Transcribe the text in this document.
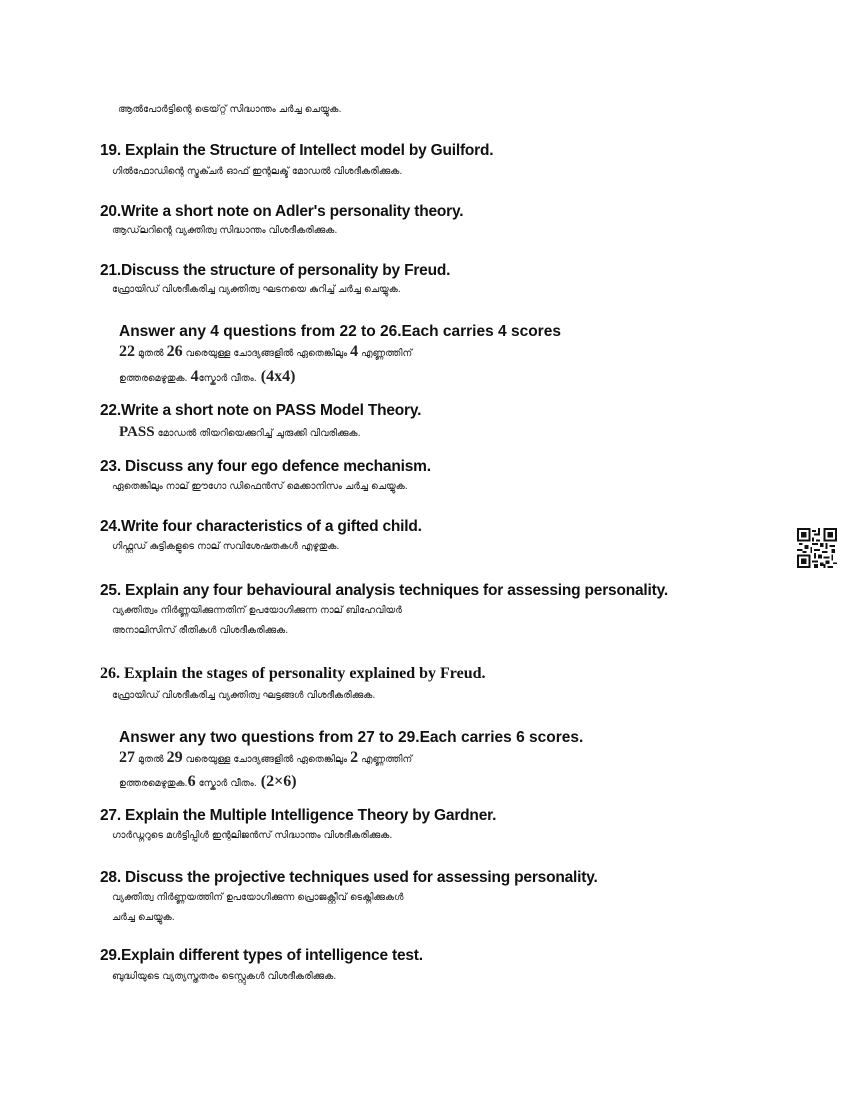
ആൽപോർട്ടിന്റെ ട്രെയ്റ്റ് സിദ്ധാന്തം ചർച്ച ചെയ്യുക.
19. Explain the Structure of Intellect model by Guilford.
ഗിൽഫോഡിന്റെ സ്ട്രക്ചർ ഓഫ് ഇന്റലക്ട് മോഡൽ വിശദീകരിക്കുക.
20.Write a short note on Adler's personality theory.
ആഡ്‌ലറിന്റെ വ്യക്തിത്വ സിദ്ധാന്തം വിശദീകരിക്കുക.
21.Discuss the structure of personality by Freud.
ഫ്രോയിഡ് വിശദീകരിച്ച വ്യക്തിത്വ ഘടനയെ കുറിച്ച് ചർച്ച ചെയ്യുക.
Answer any 4 questions from 22 to 26.Each carries 4 scores
22 മുതൽ 26 വരെയുള്ള ചോദ്യങ്ങളിൽ ഏതെങ്കിലും 4 എണ്ണത്തിന്
ഉത്തരമെഴുതുക. 4സ്കോർ വീതം. (4x4)
22.Write a short note on PASS Model Theory.
PASS മോഡൽ തിയറിയെക്കുറിച്ച് ചുരുക്കി വിവരിക്കുക.
23. Discuss any four ego defence mechanism.
ഏതെങ്കിലും നാല് ഈഗോ ഡിഫെൻസ് മെക്കാനിസം ചർച്ച ചെയ്യുക.
24.Write four characteristics of a gifted child.
ഗിഫ്റ്റഡ് കുട്ടികളുടെ നാല് സവിശേഷതകൾ എഴുതുക.
25. Explain any four behavioural analysis techniques for assessing personality.
വ്യക്തിത്വം നിർണ്ണയിക്കുന്നതിന് ഉപയോഗിക്കുന്ന നാല് ബിഹേവിയർ
അനാലിസിസ് രീതികൾ വിശദീകരിക്കുക.
26. Explain the stages of personality explained by Freud.
ഫ്രോയിഡ് വിശദീകരിച്ച വ്യക്തിത്വ ഘട്ടങ്ങൾ വിശദീകരിക്കുക.
Answer any two questions from 27 to 29.Each carries 6 scores.
27 മുതൽ 29 വരെയുള്ള ചോദ്യങ്ങളിൽ ഏതെങ്കിലും 2 എണ്ണത്തിന്
ഉത്തരമെഴുതുക.6 സ്കോർ വീതം. (2×6)
27. Explain the Multiple Intelligence Theory by Gardner.
ഗാർഡ്നറുടെ മൾട്ടിപ്പിൾ ഇന്റലിജൻസ് സിദ്ധാന്തം വിശദീകരിക്കുക.
28. Discuss the projective techniques used for assessing personality.
വ്യക്തിത്വ നിർണ്ണയത്തിന് ഉപയോഗിക്കുന്ന പ്രൊജക്റ്റീവ് ടെക്നിക്കുകൾ
ചർച്ച ചെയ്യുക.
29.Explain different types of intelligence test.
ബുദ്ധിയുടെ വ്യത്യസ്തതരം ടെസ്റ്റുകൾ വിശദീകരിക്കുക.
